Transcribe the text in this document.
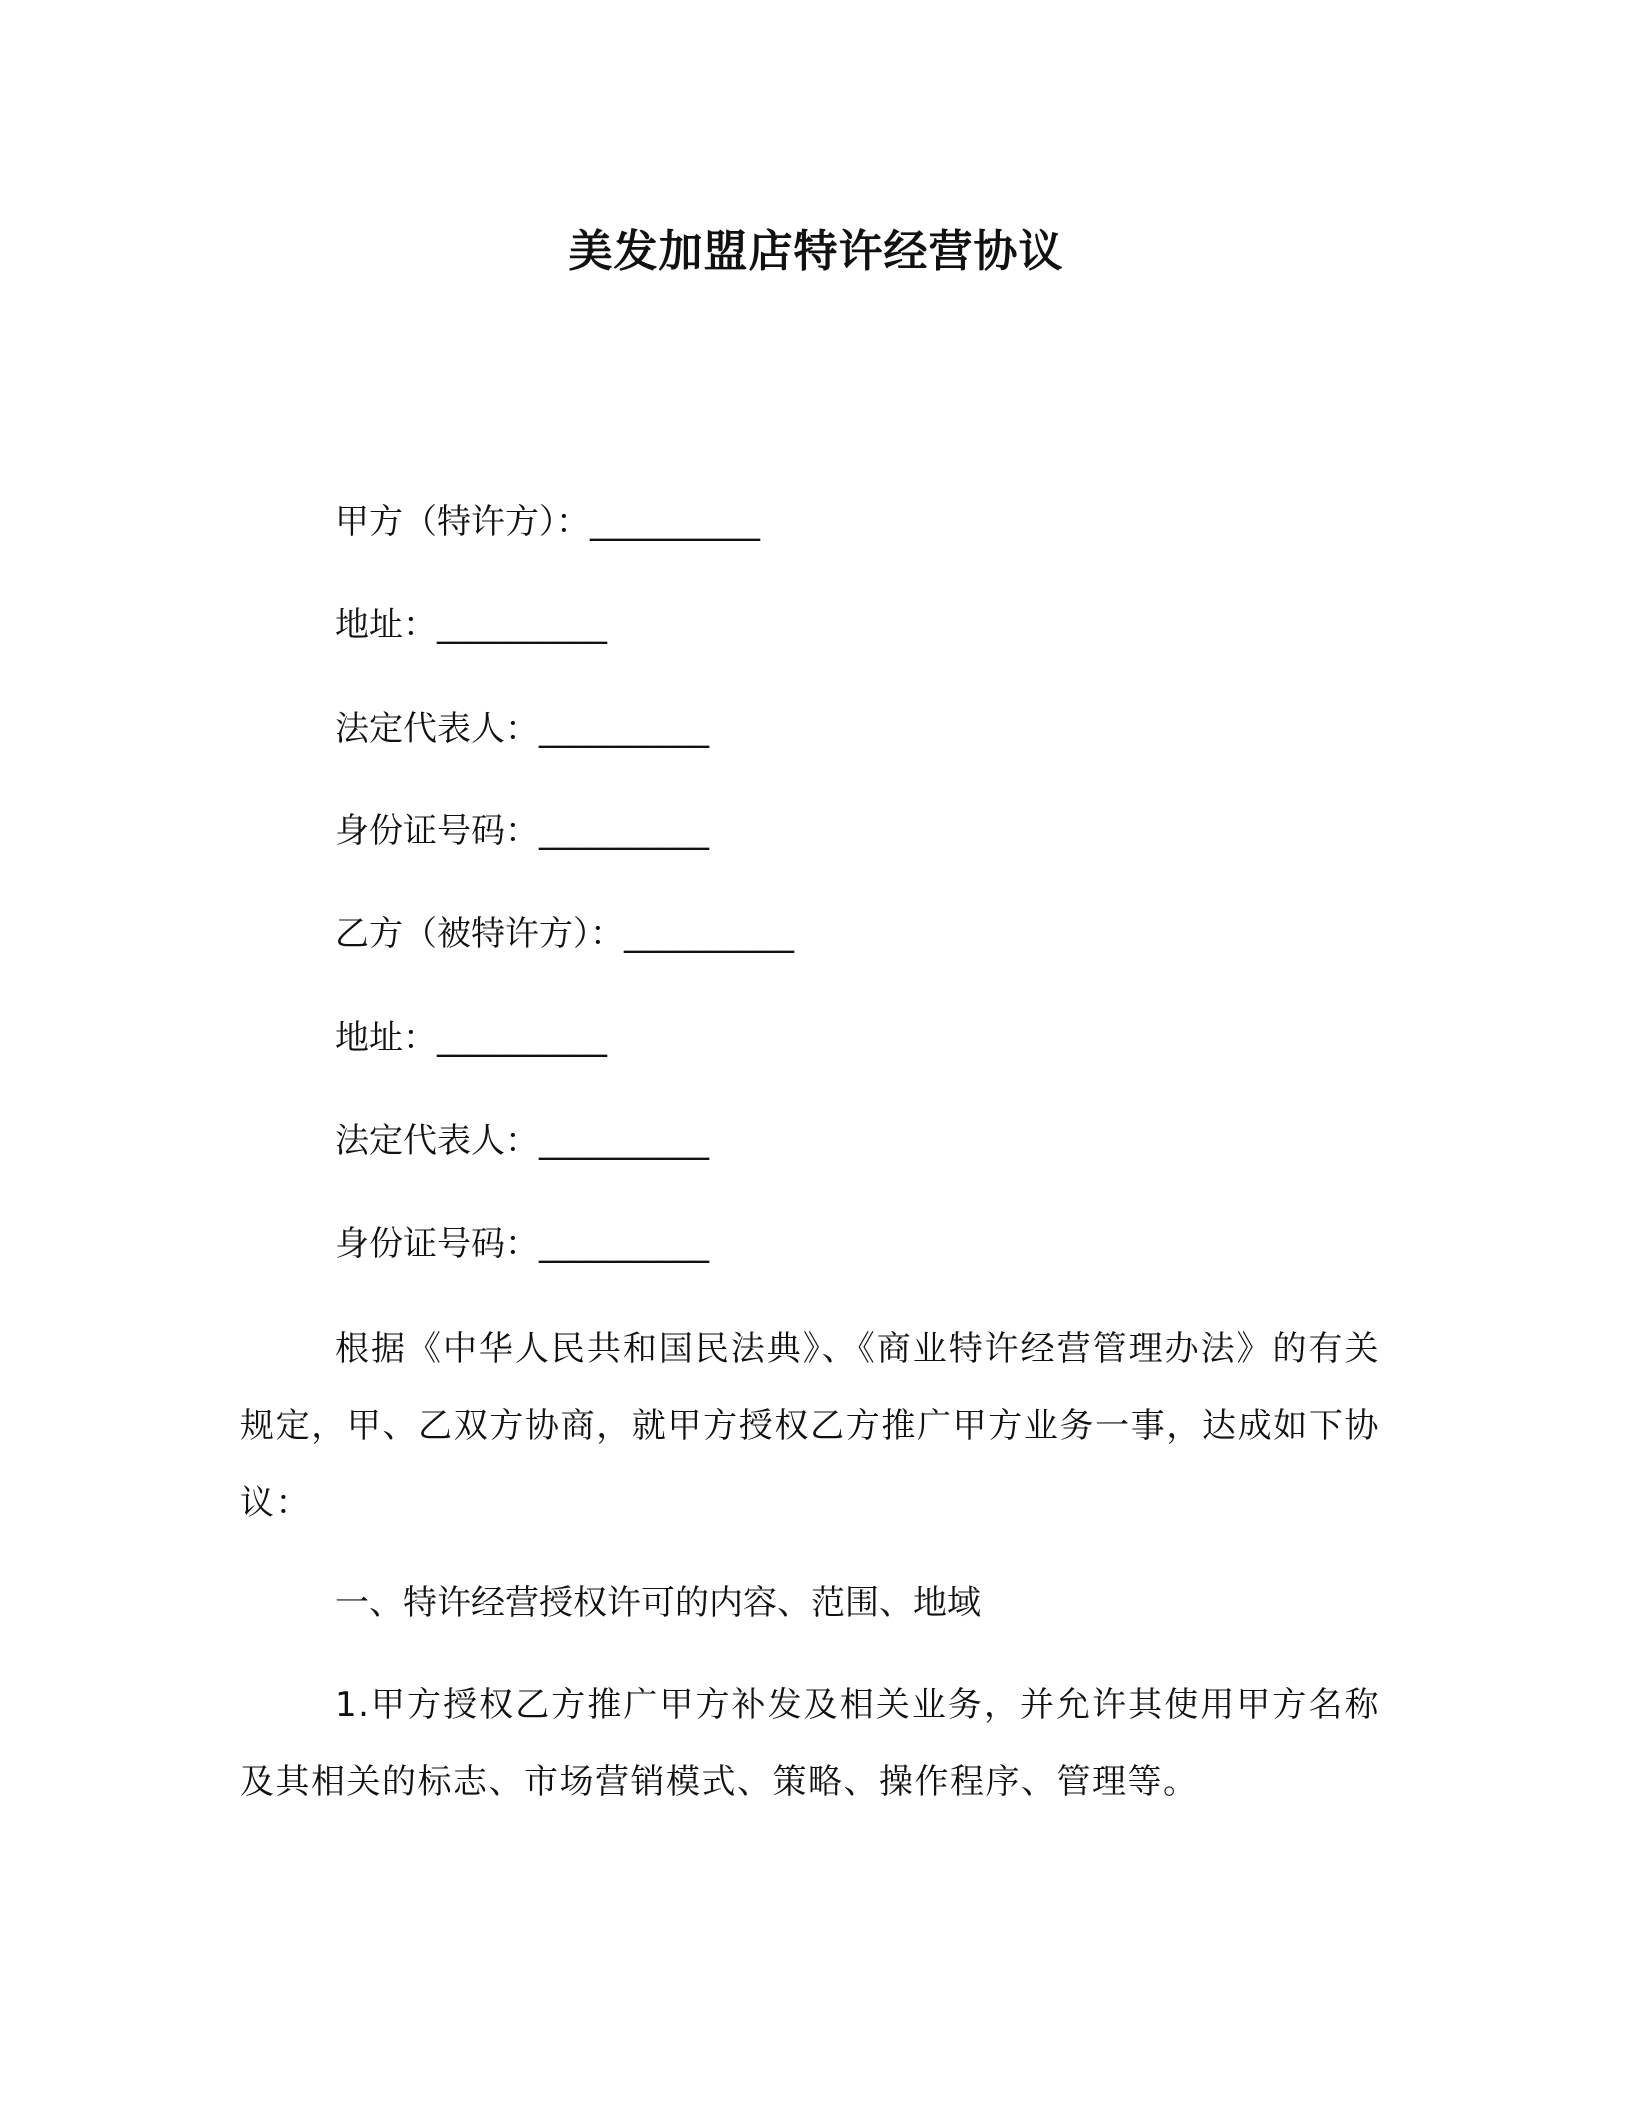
美发加盟店特许经营协议
甲方（特许方）：__________
地址：__________
法定代表人：__________
身份证号码：__________
乙方（被特许方）：__________
地址：__________
法定代表人：__________
身份证号码：__________
根据《中华人民共和国民法典》、《商业特许经营管理办法》的有关规定，甲、乙双方协商，就甲方授权乙方推广甲方业务一事，达成如下协议：
一、特许经营授权许可的内容、范围、地域
1.甲方授权乙方推广甲方补发及相关业务，并允许其使用甲方名称及其相关的标志、市场营销模式、策略、操作程序、管理等。
